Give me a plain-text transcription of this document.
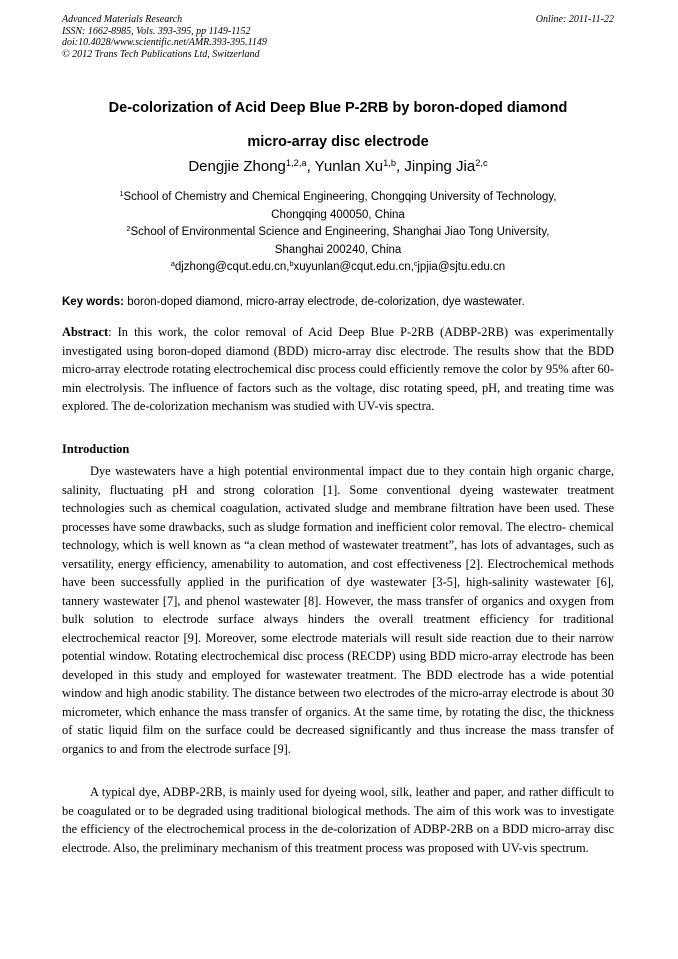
Advanced Materials Research
ISSN: 1662-8985, Vols. 393-395, pp 1149-1152
doi:10.4028/www.scientific.net/AMR.393-395.1149
© 2012 Trans Tech Publications Ltd, Switzerland
Online: 2011-11-22
De-colorization of Acid Deep Blue P-2RB by boron-doped diamond
micro-array disc electrode
Dengjie Zhong$^{1,2,a}$, Yunlan Xu$^{1,b}$, Jinping Jia$^{2,c}$
$^1$School of Chemistry and Chemical Engineering, Chongqing University of Technology,
Chongqing 400050, China
$^2$School of Environmental Science and Engineering, Shanghai Jiao Tong University,
Shanghai 200240, China
$^a$djzhong@cqut.edu.cn,$^b$xuyunlan@cqut.edu.cn,$^c$jpjia@sjtu.edu.cn
Key words: boron-doped diamond, micro-array electrode, de-colorization, dye wastewater.
Abstract: In this work, the color removal of Acid Deep Blue P-2RB (ADBP-2RB) was experimentally investigated using boron-doped diamond (BDD) micro-array disc electrode. The results show that the BDD micro-array electrode rotating electrochemical disc process could efficiently remove the color by 95% after 60-min electrolysis. The influence of factors such as the voltage, disc rotating speed, pH, and treating time was explored. The de-colorization mechanism was studied with UV-vis spectra.
Introduction

Dye wastewaters have a high potential environmental impact due to they contain high organic charge, salinity, fluctuating pH and strong coloration [1]. Some conventional dyeing wastewater treatment technologies such as chemical coagulation, activated sludge and membrane filtration have been used. These processes have some drawbacks, such as sludge formation and inefficient color removal. The electro- chemical technology, which is well known as “a clean method of wastewater treatment”, has lots of advantages, such as versatility, energy efficiency, amenability to automation, and cost effectiveness [2]. Electrochemical methods have been successfully applied in the purification of dye wastewater [3-5], high-salinity wastewater [6], tannery wastewater [7], and phenol wastewater [8]. However, the mass transfer of organics and oxygen from bulk solution to electrode surface always hinders the overall treatment efficiency for traditional electrochemical reactor [9]. Moreover, some electrode materials will result side reaction due to their narrow potential window. Rotating electrochemical disc process (RECDP) using BDD micro-array electrode has been developed in this study and employed for wastewater treatment. The BDD electrode has a wide potential window and high anodic stability. The distance between two electrodes of the micro-array electrode is about 30 micrometer, which enhance the mass transfer of organics. At the same time, by rotating the disc, the thickness of static liquid film on the surface could be decreased significantly and thus increase the mass transfer of organics to and from the electrode surface [9].

A typical dye, ADBP-2RB, is mainly used for dyeing wool, silk, leather and paper, and rather difficult to be coagulated or to be degraded using traditional biological methods. The aim of this work was to investigate the efficiency of the electrochemical process in the de-colorization of ADBP-2RB on a BDD micro-array disc electrode. Also, the preliminary mechanism of this treatment process was proposed with UV-vis spectrum.
